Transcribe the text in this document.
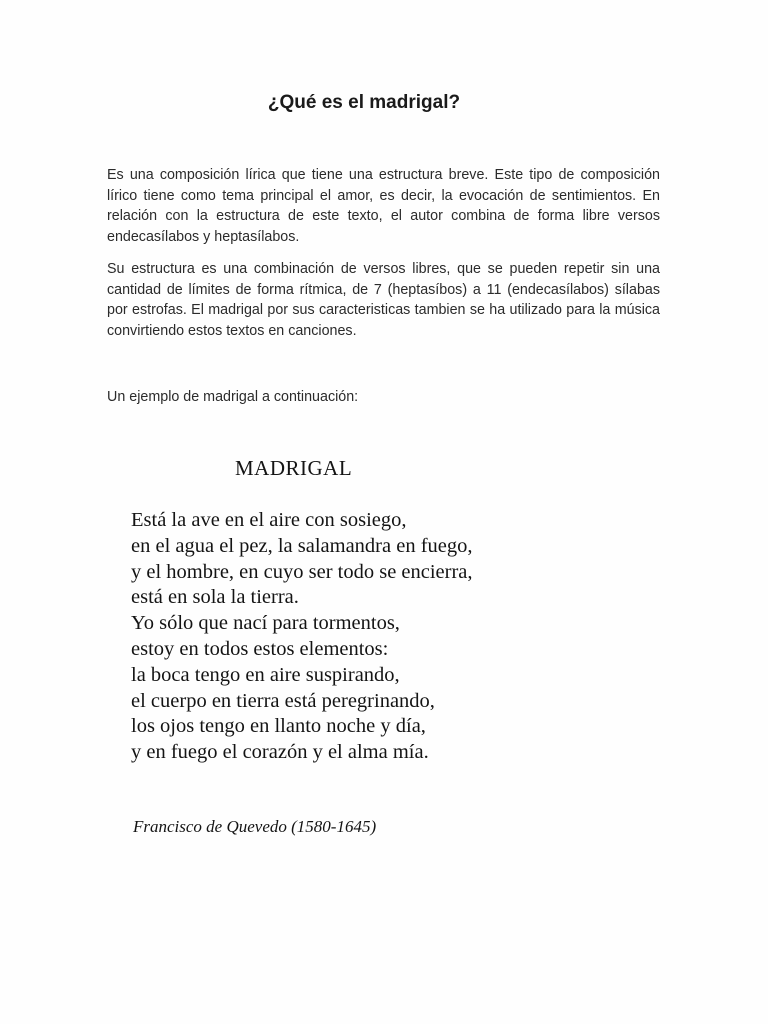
¿Qué es el madrigal?

Es una composición lírica que tiene una estructura breve. Este tipo de composición lírico tiene como tema principal el amor, es decir, la evocación de sentimientos. En relación con la estructura de este texto, el autor combina de forma libre versos endecasílabos y heptasílabos.

Su estructura es una combinación de versos libres, que se pueden repetir sin una cantidad de límites de forma rítmica, de 7 (heptasíbos) a 11 (endecasílabos) sílabas por estrofas. El madrigal por sus caracteristicas tambien se ha utilizado para la música convirtiendo estos textos en canciones.

Un ejemplo de madrigal a continuación:

MADRIGAL
Está la ave en el aire con sosiego,
en el agua el pez, la salamandra en fuego,
y el hombre, en cuyo ser todo se encierra,
está en sola la tierra.
Yo sólo que nací para tormentos,
estoy en todos estos elementos:
la boca tengo en aire suspirando,
el cuerpo en tierra está peregrinando,
los ojos tengo en llanto noche y día,
y en fuego el corazón y el alma mía.

Francisco de Quevedo (1580-1645)
